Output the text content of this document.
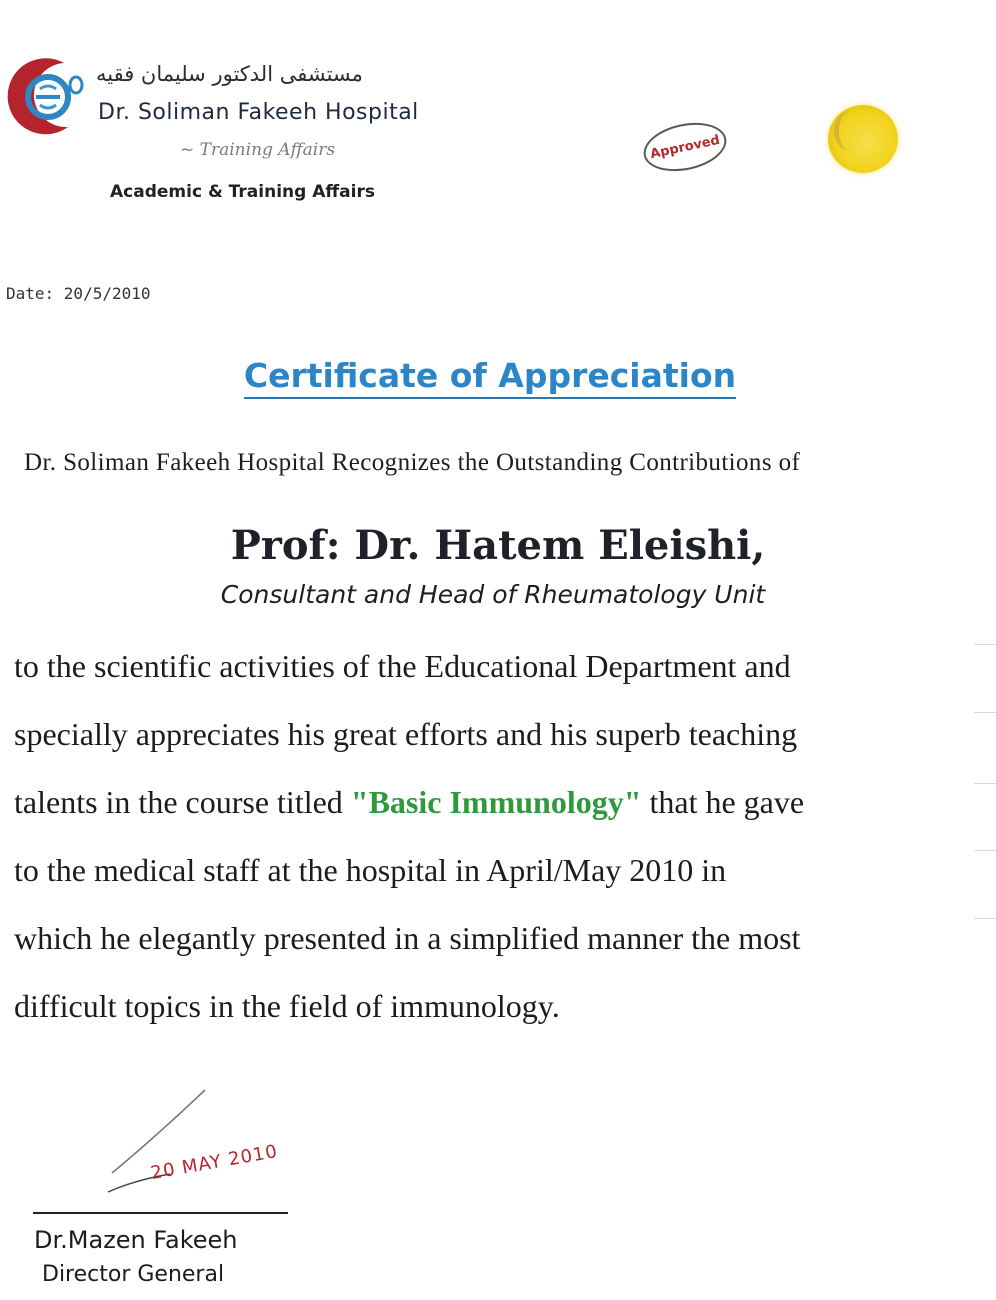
مستشفى الدكتور سليمان فقيه
Dr. Soliman Fakeeh Hospital
~ Training Affairs
Academic & Training Affairs
Approved
Date: 20/5/2010
Certificate of Appreciation
Dr. Soliman Fakeeh Hospital Recognizes the Outstanding Contributions of
Prof: Dr. Hatem Eleishi,
Consultant and Head of Rheumatology Unit
to the scientific activities of the Educational Department and
specially appreciates his great efforts and his superb teaching
talents in the course titled "Basic Immunology" that he gave
to the medical staff at the hospital in April/May 2010 in
which he elegantly presented in a simplified manner the most
difficult topics in the field of immunology.
20 MAY 2010
Dr.Mazen Fakeeh
Director General
